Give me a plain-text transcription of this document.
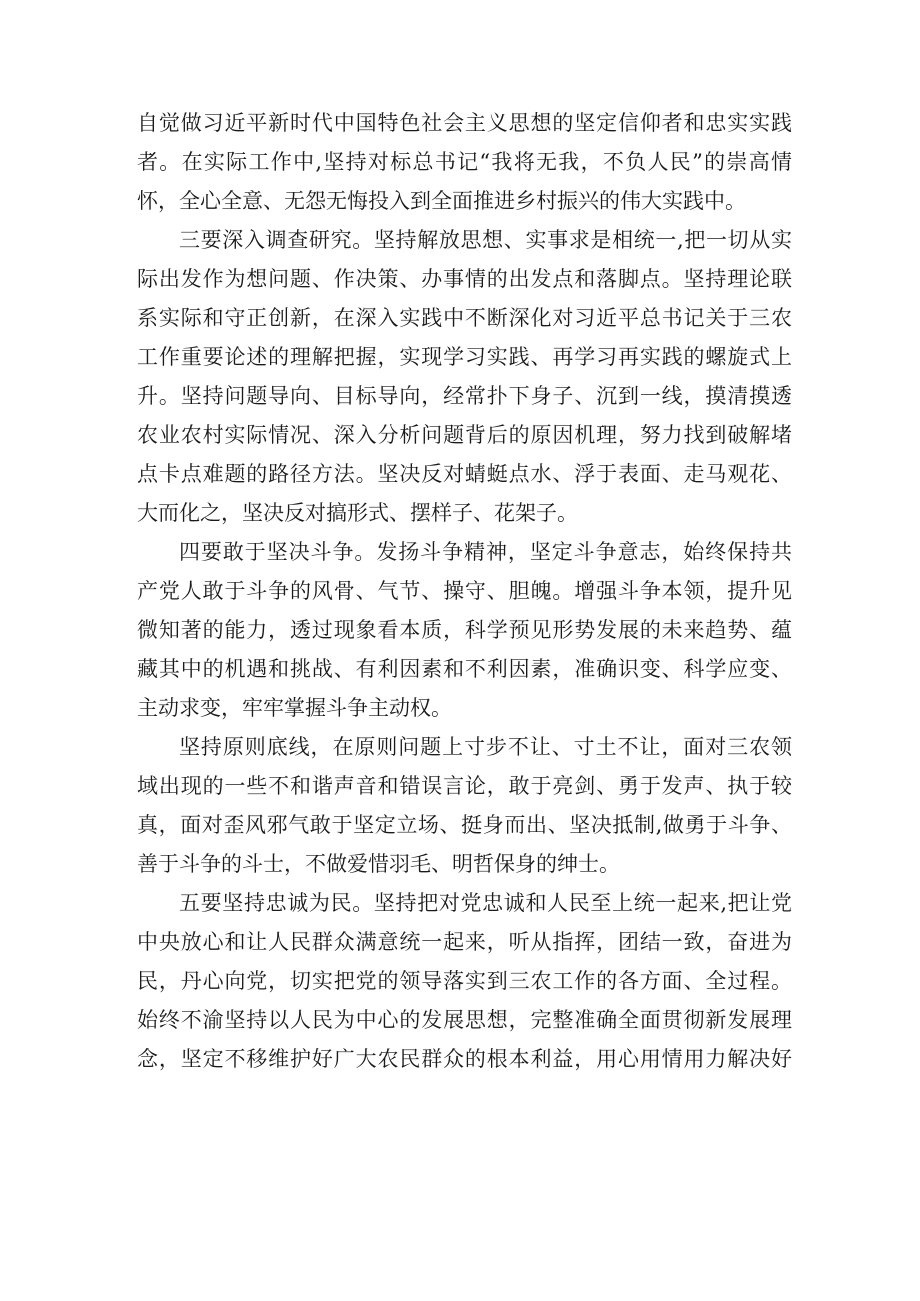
自觉做习近平新时代中国特色社会主义思想的坚定信仰者和忠实实践
者。在实际工作中,坚持对标总书记“我将无我，不负人民”的崇高情
怀，全心全意、无怨无悔投入到全面推进乡村振兴的伟大实践中。
三要深入调查研究。坚持解放思想、实事求是相统一,把一切从实
际出发作为想问题、作决策、办事情的出发点和落脚点。坚持理论联
系实际和守正创新，在深入实践中不断深化对习近平总书记关于三农
工作重要论述的理解把握，实现学习实践、再学习再实践的螺旋式上
升。坚持问题导向、目标导向，经常扑下身子、沉到一线，摸清摸透
农业农村实际情况、深入分析问题背后的原因机理，努力找到破解堵
点卡点难题的路径方法。坚决反对蜻蜓点水、浮于表面、走马观花、
大而化之，坚决反对搞形式、摆样子、花架子。
四要敢于坚决斗争。发扬斗争精神，坚定斗争意志，始终保持共
产党人敢于斗争的风骨、气节、操守、胆魄。增强斗争本领，提升见
微知著的能力，透过现象看本质，科学预见形势发展的未来趋势、蕴
藏其中的机遇和挑战、有利因素和不利因素，准确识变、科学应变、
主动求变，牢牢掌握斗争主动权。
坚持原则底线，在原则问题上寸步不让、寸土不让，面对三农领
域出现的一些不和谐声音和错误言论，敢于亮剑、勇于发声、执于较
真，面对歪风邪气敢于坚定立场、挺身而出、坚决抵制,做勇于斗争、
善于斗争的斗士，不做爱惜羽毛、明哲保身的绅士。
五要坚持忠诚为民。坚持把对党忠诚和人民至上统一起来,把让党
中央放心和让人民群众满意统一起来，听从指挥，团结一致，奋进为
民，丹心向党，切实把党的领导落实到三农工作的各方面、全过程。
始终不渝坚持以人民为中心的发展思想，完整准确全面贯彻新发展理
念，坚定不移维护好广大农民群众的根本利益，用心用情用力解决好
